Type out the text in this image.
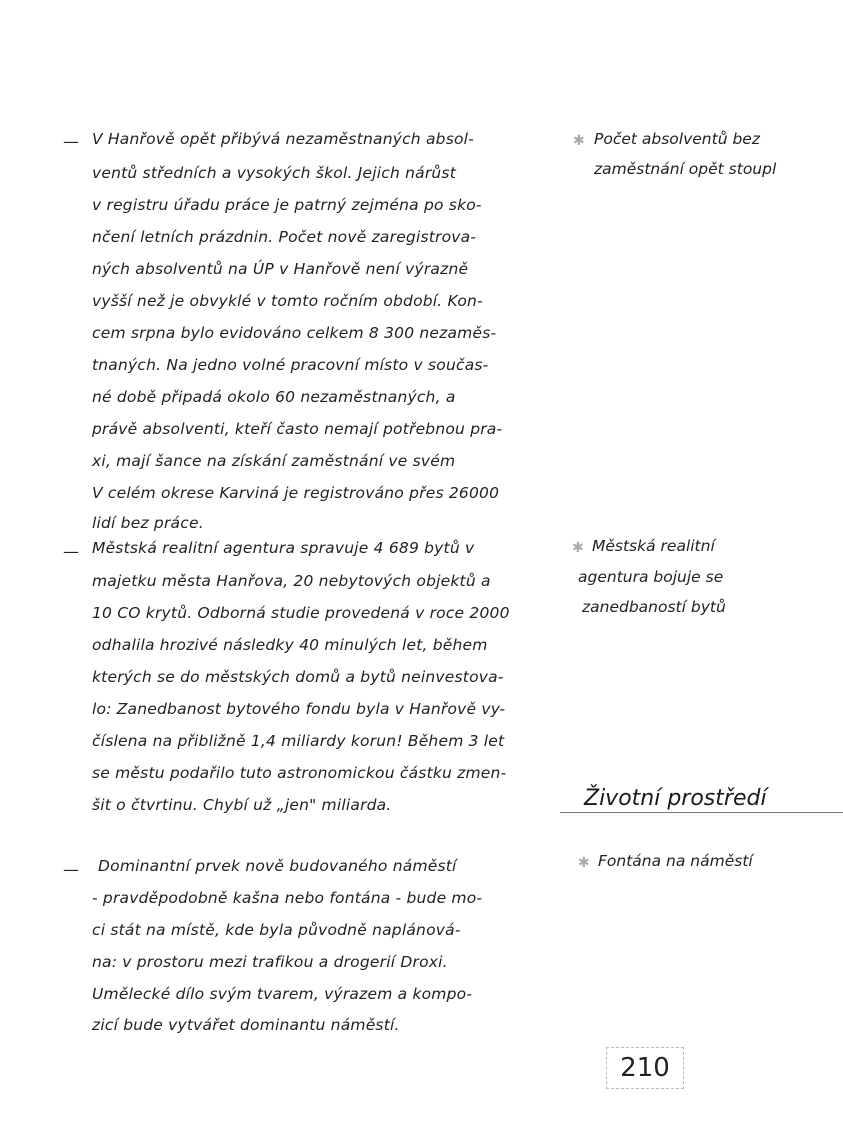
— V Hanřově opět přibývá nezaměstnaných absol-
ventů středních a vysokých škol. Jejich nárůst
v registru úřadu práce je patrný zejména po sko-
nčení letních prázdnin. Počet nově zaregistrova-
ných absolventů na ÚP v Hanřově není výrazně
vyšší než je obvyklé v tomto ročním období. Kon-
cem srpna bylo evidováno celkem 8 300 nezaměs-
tnaných. Na jedno volné pracovní místo v součas-
né době připadá okolo 60 nezaměstnaných, a
právě absolventi, kteří často nemají potřebnou pra-
xi, mají šance na získání zaměstnání ve svém
V celém okrese Karviná je registrováno přes 26000
lidí bez práce.
✱ Počet absolventů bez
zaměstnání opět stoupl
— Městská realitní agentura spravuje 4 689 bytů v
majetku města Hanřova, 20 nebytových objektů a
10 CO krytů. Odborná studie provedená v roce 2000
odhalila hrozivé následky 40 minulých let, během
kterých se do městských domů a bytů neinvestova-
lo: Zanedbanost bytového fondu byla v Hanřově vy-
číslena na přibližně 1,4 miliardy korun! Během 3 let
se městu podařilo tuto astronomickou částku zmen-
šit o čtvrtinu. Chybí už „jen" miliarda.
✱ Městská realitní
agentura bojuje se
zanedbaností bytů
Životní prostředí
— Dominantní prvek nově budovaného náměstí
- pravděpodobně kašna nebo fontána - bude mo-
ci stát na místě, kde byla původně naplánová-
na: v prostoru mezi trafikou a drogerií Droxi.
Umělecké dílo svým tvarem, výrazem a kompo-
zicí bude vytvářet dominantu náměstí.
✱ Fontána na náměstí
210
